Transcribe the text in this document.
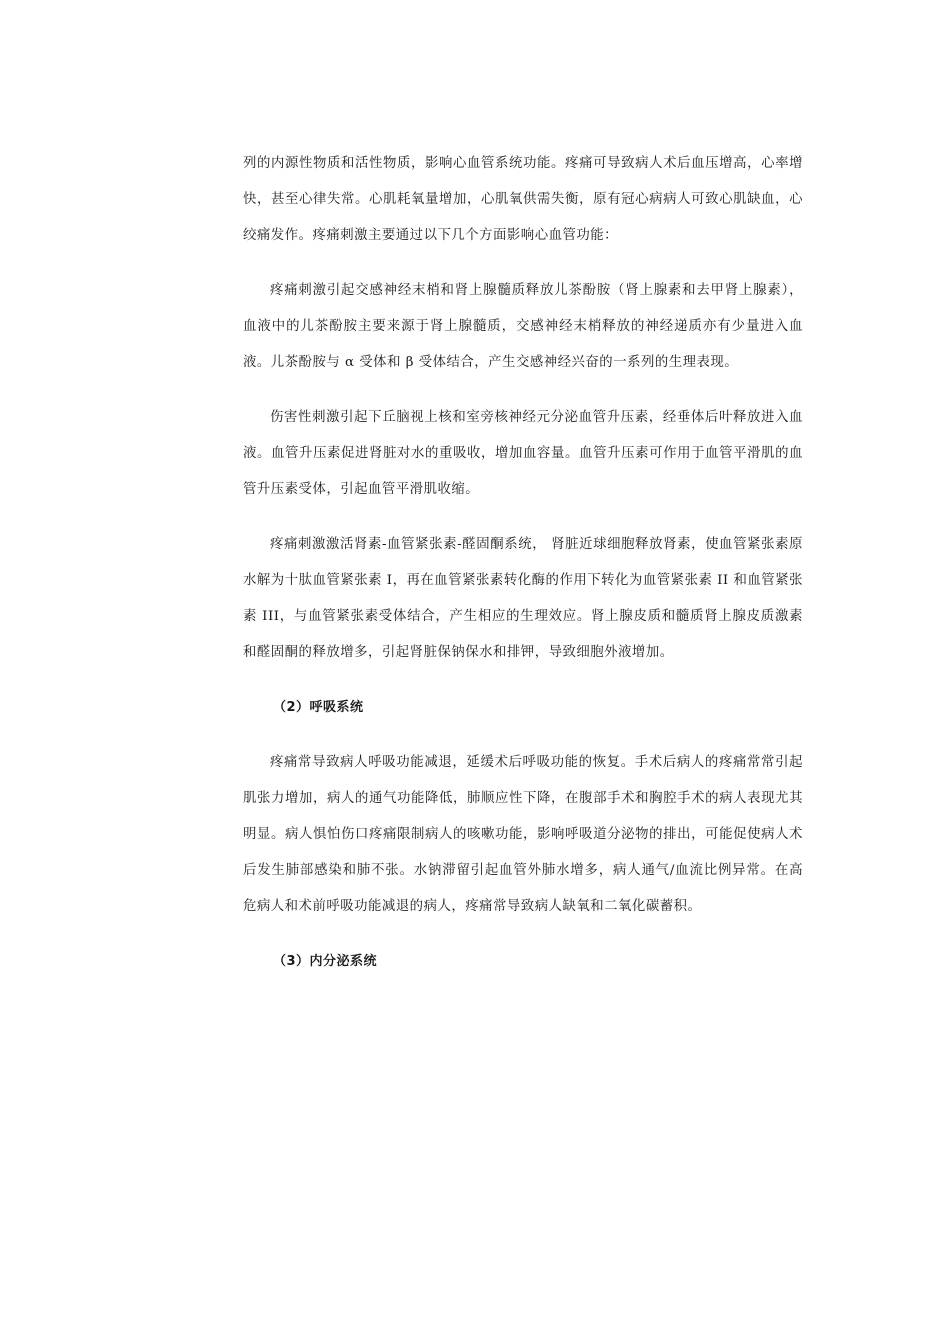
列的内源性物质和活性物质，影响心血管系统功能。疼痛可导致病人术后血压增高，心率增快，甚至心律失常。心肌耗氧量增加，心肌氧供需失衡，原有冠心病病人可致心肌缺血，心绞痛发作。疼痛刺激主要通过以下几个方面影响心血管功能：

疼痛刺激引起交感神经末梢和肾上腺髓质释放儿茶酚胺（肾上腺素和去甲肾上腺素），血液中的儿茶酚胺主要来源于肾上腺髓质，交感神经末梢释放的神经递质亦有少量进入血液。儿茶酚胺与 α 受体和 β 受体结合，产生交感神经兴奋的一系列的生理表现。

伤害性刺激引起下丘脑视上核和室旁核神经元分泌血管升压素，经垂体后叶释放进入血液。血管升压素促进肾脏对水的重吸收，增加血容量。血管升压素可作用于血管平滑肌的血管升压素受体，引起血管平滑肌收缩。

疼痛刺激激活肾素-血管紧张素-醛固酮系统， 肾脏近球细胞释放肾素，使血管紧张素原水解为十肽血管紧张素 I，再在血管紧张素转化酶的作用下转化为血管紧张素 II 和血管紧张素 III，与血管紧张素受体结合，产生相应的生理效应。肾上腺皮质和髓质肾上腺皮质激素和醛固酮的释放增多，引起肾脏保钠保水和排钾，导致细胞外液增加。

（2）呼吸系统

疼痛常导致病人呼吸功能减退，延缓术后呼吸功能的恢复。手术后病人的疼痛常常引起肌张力增加，病人的通气功能降低，肺顺应性下降，在腹部手术和胸腔手术的病人表现尤其明显。病人惧怕伤口疼痛限制病人的咳嗽功能，影响呼吸道分泌物的排出，可能促使病人术后发生肺部感染和肺不张。水钠滞留引起血管外肺水增多，病人通气/血流比例异常。在高危病人和术前呼吸功能减退的病人，疼痛常导致病人缺氧和二氧化碳蓄积。

（3）内分泌系统
